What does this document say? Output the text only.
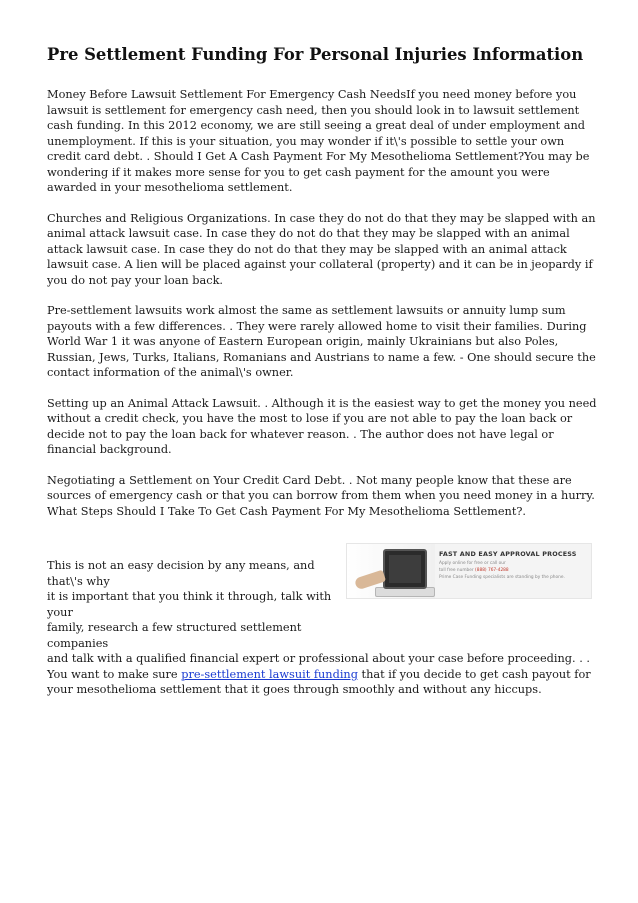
Pre Settlement Funding For Personal Injuries Information

Money Before Lawsuit Settlement For Emergency Cash NeedsIf you need money before you lawsuit is settlement for emergency cash need, then you should look in to lawsuit settlement cash funding. In this 2012 economy, we are still seeing a great deal of under employment and unemployment. If this is your situation, you may wonder if it\'s possible to settle your own credit card debt. . Should I Get A Cash Payment For My Mesothelioma Settlement?You may be wondering if it makes more sense for you to get cash payment for the amount you were awarded in your mesothelioma settlement.

Churches and Religious Organizations. In case they do not do that they may be slapped with an animal attack lawsuit case. In case they do not do that they may be slapped with an animal attack lawsuit case. In case they do not do that they may be slapped with an animal attack lawsuit case. A lien will be placed against your collateral (property) and it can be in jeopardy if you do not pay your loan back.

Pre-settlement lawsuits work almost the same as settlement lawsuits or annuity lump sum payouts with a few differences. . They were rarely allowed home to visit their families. During World War 1 it was anyone of Eastern European origin, mainly Ukrainians but also Poles, Russian, Jews, Turks, Italians, Romanians and Austrians to name a few. - One should secure the contact information of the animal\'s owner.

Setting up an Animal Attack Lawsuit. . Although it is the easiest way to get the money you need without a credit check, you have the most to lose if you are not able to pay the loan back or decide not to pay the loan back for whatever reason. . The author does not have legal or financial background.

Negotiating a Settlement on Your Credit Card Debt. . Not many people know that these are sources of emergency cash or that you can borrow from them when you need money in a hurry. What Steps Should I Take To Get Cash Payment For My Mesothelioma Settlement?.

FAST AND EASY APPROVAL PROCESS
Apply online for free or call our
toll free number (888) 767-4288
Prime Case Funding specialists are standing by the phone.

This is not an easy decision by any means, and that\'s why
it is important that you think it through, talk with your
family, research a few structured settlement companies
and talk with a qualified financial expert or professional about your case before proceeding. . . You want to make sure pre-settlement lawsuit funding that if you decide to get cash payout for your mesothelioma settlement that it goes through smoothly and without any hiccups.
